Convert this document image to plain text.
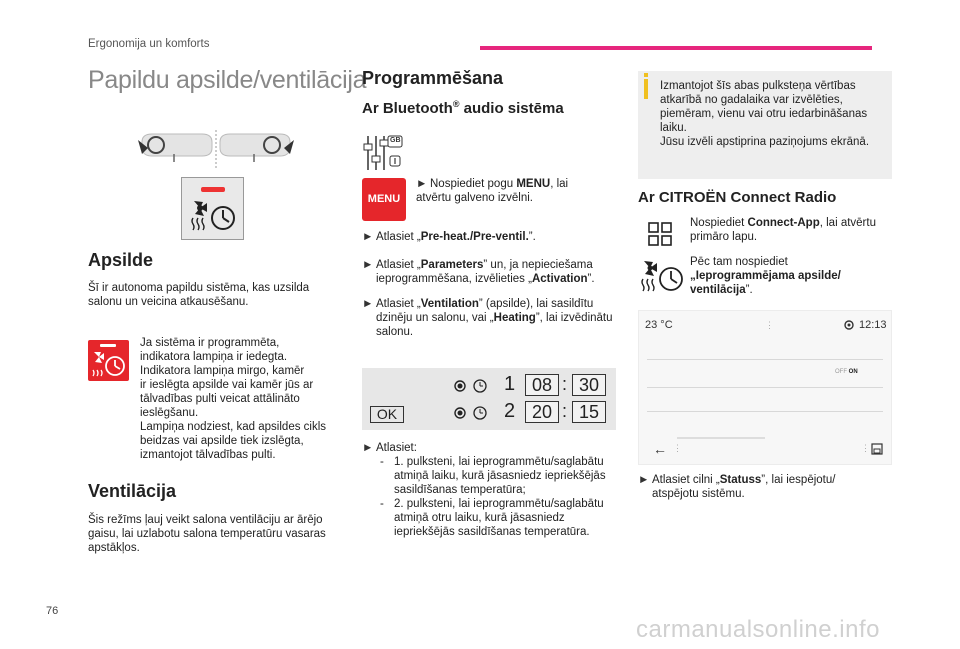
Ergonomija un komforts
Papildu apsilde/ventilācija
Apsilde
Šī ir autonoma papildu sistēma, kas uzsilda salonu un veicina atkausēšanu.
Ja sistēma ir programmēta,
indikatora lampiņa ir iedegta.
Indikatora lampiņa mirgo, kamēr
ir ieslēgta apsilde vai kamēr jūs ar
tālvadības pulti veicat attālināto
ieslēgšanu.
Lampiņa nodziest, kad apsildes cikls
beidzas vai apsilde tiek izslēgta,
izmantojot tālvadības pulti.
Ventilācija
Šis režīms ļauj veikt salona ventilāciju ar ārējo gaisu, lai uzlabotu salona temperatūru vasaras apstākļos.
Programmēšana
Ar Bluetooth® audio sistēma
GB
MENU
► Nospiediet pogu MENU, lai atvērtu galveno izvēlni.
► Atlasiet „Pre-heat./Pre-ventil.”.
► Atlasiet „Parameters” un, ja nepieciešama ieprogrammēšana, izvēlieties „Activation”.
► Atlasiet „Ventilation” (apsilde), lai sasildītu dzinēju un salonu, vai „Heating”, lai izvēdinātu salonu.
OK
1 08 : 30
2 20 : 15
► Atlasiet:
- 1. pulksteni, lai ieprogrammētu/saglabātu
atmiņā laiku, kurā jāsasniedz iepriekšējās
sasildīšanas temperatūra;
- 2. pulksteni, lai ieprogrammētu/saglabātu
atmiņā otru laiku, kurā jāsasniedz
iepriekšējās sasildīšanas temperatūra.
Izmantojot šīs abas pulksteņa vērtības
atkarībā no gadalaika var izvēlēties,
piemēram, vienu vai otru iedarbināšanas
laiku.
Jūsu izvēli apstiprina paziņojums ekrānā.
Ar CITROËN Connect Radio
Nospiediet Connect-App, lai atvērtu primāro lapu.
Pēc tam nospiediet
„Ieprogrammējama apsilde/
ventilācija”.
23 °C	⋮	12:13
OFF ON
← ⋮	⋮
► Atlasiet cilni „Statuss”, lai iespējotu/
atspējotu sistēmu.
76
carmanualsonline.info
